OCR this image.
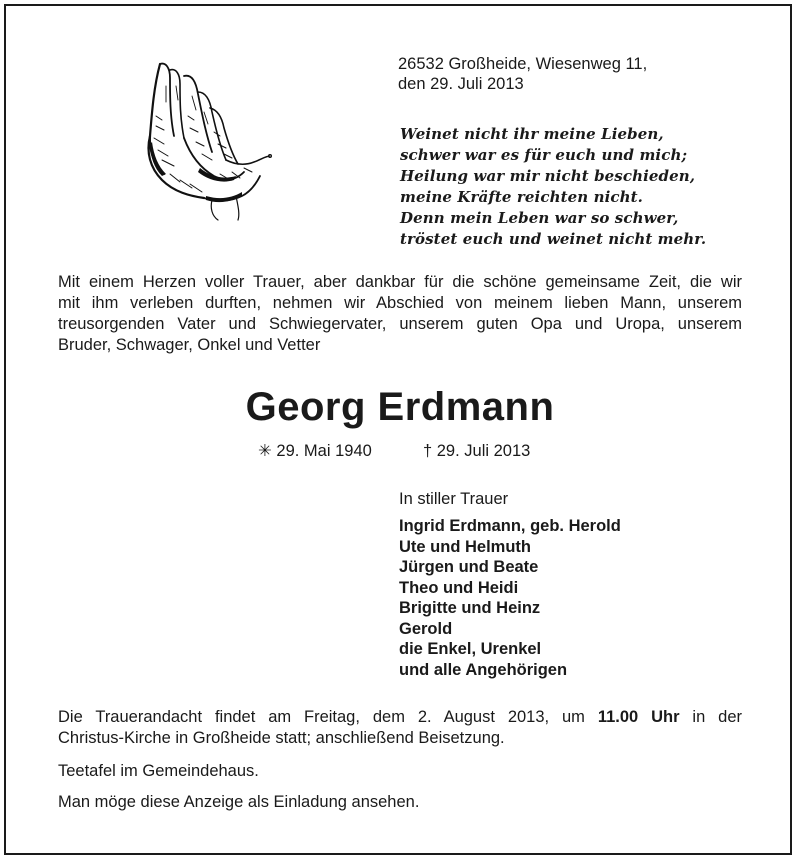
26532 Großheide, Wiesenweg 11,
den 29. Juli 2013
Weinet nicht ihr meine Lieben,
schwer war es für euch und mich;
Heilung war mir nicht beschieden,
meine Kräfte reichten nicht.
Denn mein Leben war so schwer,
tröstet euch und weinet nicht mehr.
Mit einem Herzen voller Trauer, aber dankbar für die schöne gemeinsame Zeit, die wir
mit ihm verleben durften, nehmen wir Abschied von meinem lieben Mann, unserem
treusorgenden Vater und Schwiegervater, unserem guten Opa und Uropa, unserem
Bruder, Schwager, Onkel und Vetter
Georg Erdmann
✳ 29. Mai 1940	† 29. Juli 2013
In stiller Trauer
Ingrid Erdmann, geb. Herold
Ute und Helmuth
Jürgen und Beate
Theo und Heidi
Brigitte und Heinz
Gerold
die Enkel, Urenkel
und alle Angehörigen
Die Trauerandacht findet am Freitag, dem 2. August 2013, um 11.00 Uhr in der
Christus-Kirche in Großheide statt; anschließend Beisetzung.
Teetafel im Gemeindehaus.
Man möge diese Anzeige als Einladung ansehen.
